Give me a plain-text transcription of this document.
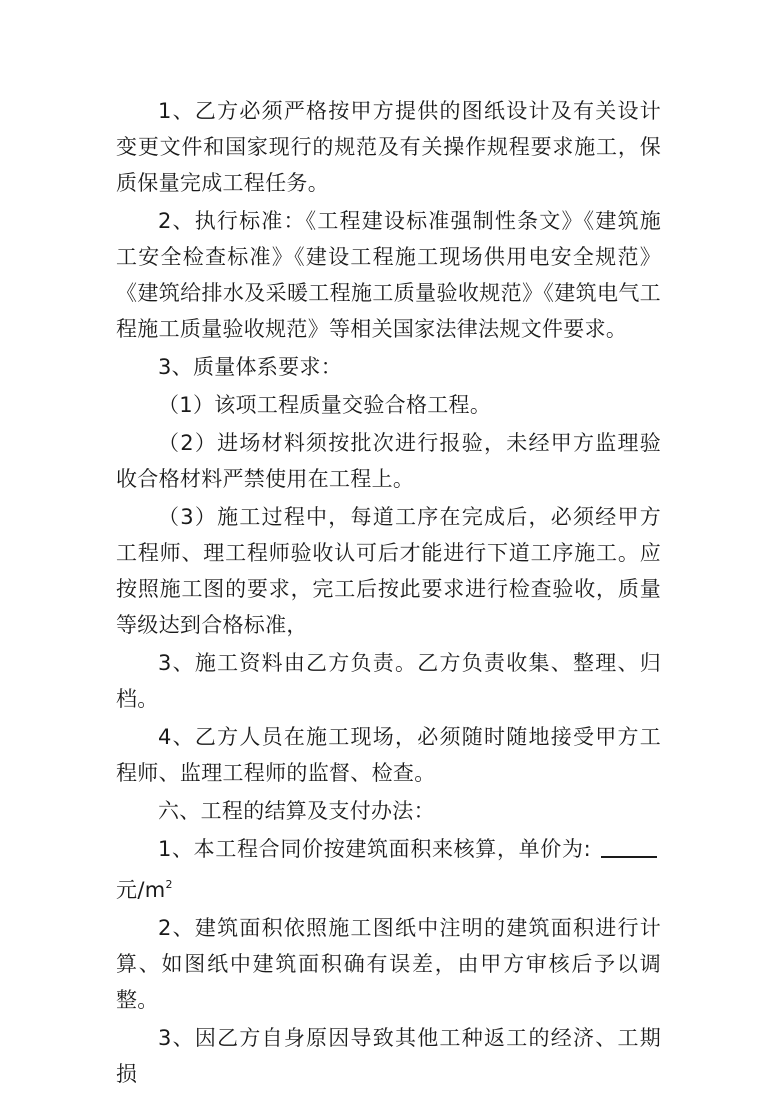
1、乙方必须严格按甲方提供的图纸设计及有关设计变更文件和国家现行的规范及有关操作规程要求施工，保质保量完成工程任务。

2、执行标准：《工程建设标准强制性条文》《建筑施工安全检查标准》《建设工程施工现场供用电安全规范》《建筑给排水及采暖工程施工质量验收规范》《建筑电气工程施工质量验收规范》等相关国家法律法规文件要求。

3、质量体系要求：

（1）该项工程质量交验合格工程。

（2）进场材料须按批次进行报验，未经甲方监理验收合格材料严禁使用在工程上。

（3）施工过程中，每道工序在完成后，必须经甲方工程师、理工程师验收认可后才能进行下道工序施工。应按照施工图的要求，完工后按此要求进行检查验收，质量等级达到合格标准，

3、施工资料由乙方负责。乙方负责收集、整理、归档。

4、乙方人员在施工现场，必须随时随地接受甲方工程师、监理工程师的监督、检查。

六、工程的结算及支付办法：

1、本工程合同价按建筑面积来核算，单价为:元$/m^2$

2、建筑面积依照施工图纸中注明的建筑面积进行计算、如图纸中建筑面积确有误差，由甲方审核后予以调整。

3、因乙方自身原因导致其他工种返工的经济、工期损
